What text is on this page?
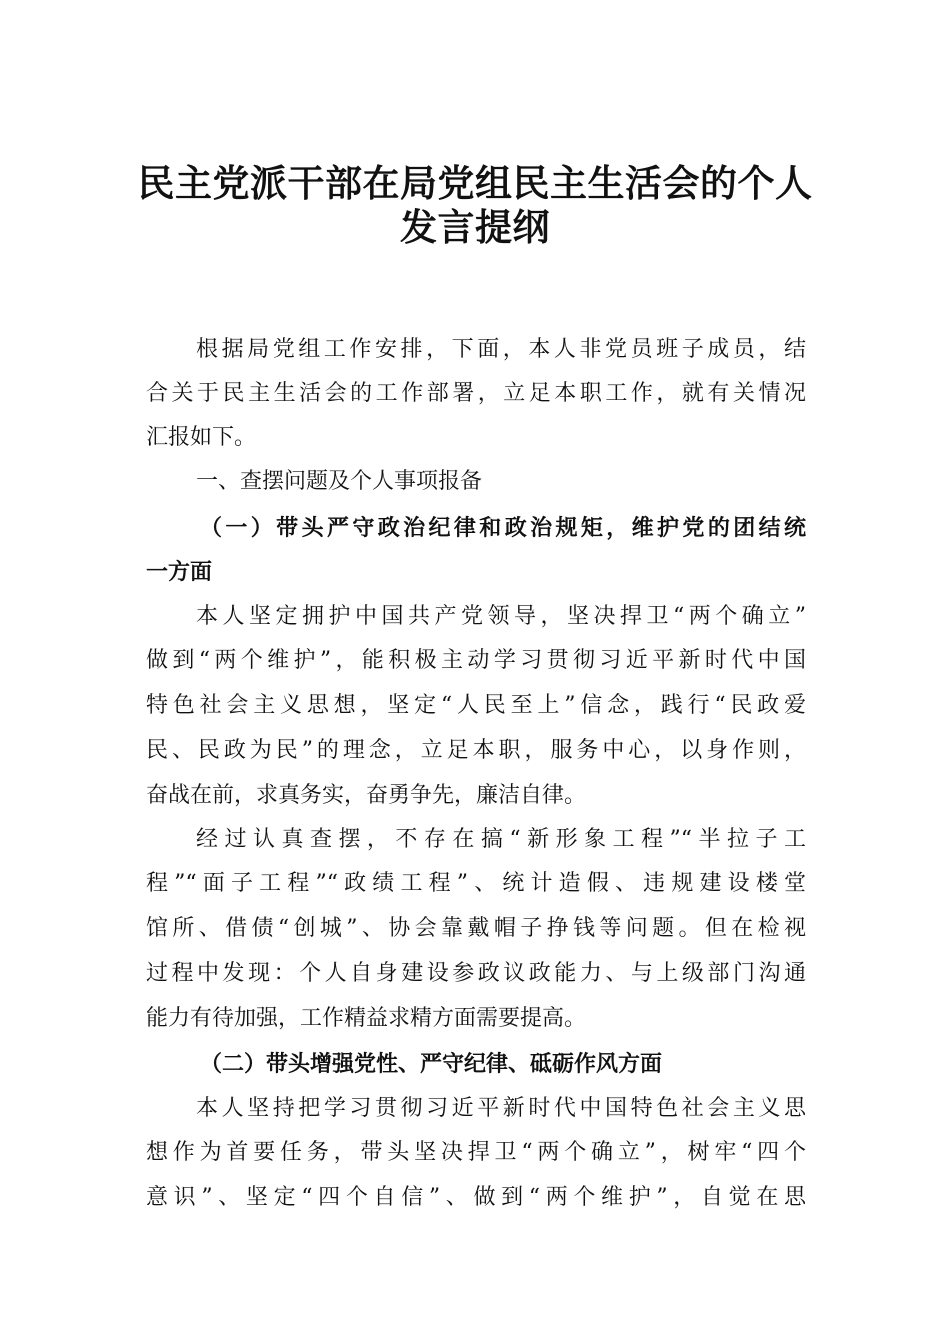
民主党派干部在局党组民主生活会的个人
发言提纲
根据局党组工作安排，下面，本人非党员班子成员，结
合关于民主生活会的工作部署，立足本职工作，就有关情况
汇报如下。
一、查摆问题及个人事项报备
（一）带头严守政治纪律和政治规矩，维护党的团结统
一方面
本人坚定拥护中国共产党领导，坚决捍卫“两个确立”
做到“两个维护”，能积极主动学习贯彻习近平新时代中国
特色社会主义思想，坚定“人民至上”信念，践行“民政爱
民、民政为民”的理念，立足本职，服务中心，以身作则，
奋战在前，求真务实，奋勇争先，廉洁自律。
经过认真查摆，不存在搞“新形象工程”“半拉子工
程”“面子工程”“政绩工程”、统计造假、违规建设楼堂
馆所、借债“创城”、协会靠戴帽子挣钱等问题。但在检视
过程中发现：个人自身建设参政议政能力、与上级部门沟通
能力有待加强，工作精益求精方面需要提高。
（二）带头增强党性、严守纪律、砥砺作风方面
本人坚持把学习贯彻习近平新时代中国特色社会主义思
想作为首要任务，带头坚决捍卫“两个确立”，树牢“四个
意识”、坚定“四个自信”、做到“两个维护”，自觉在思
